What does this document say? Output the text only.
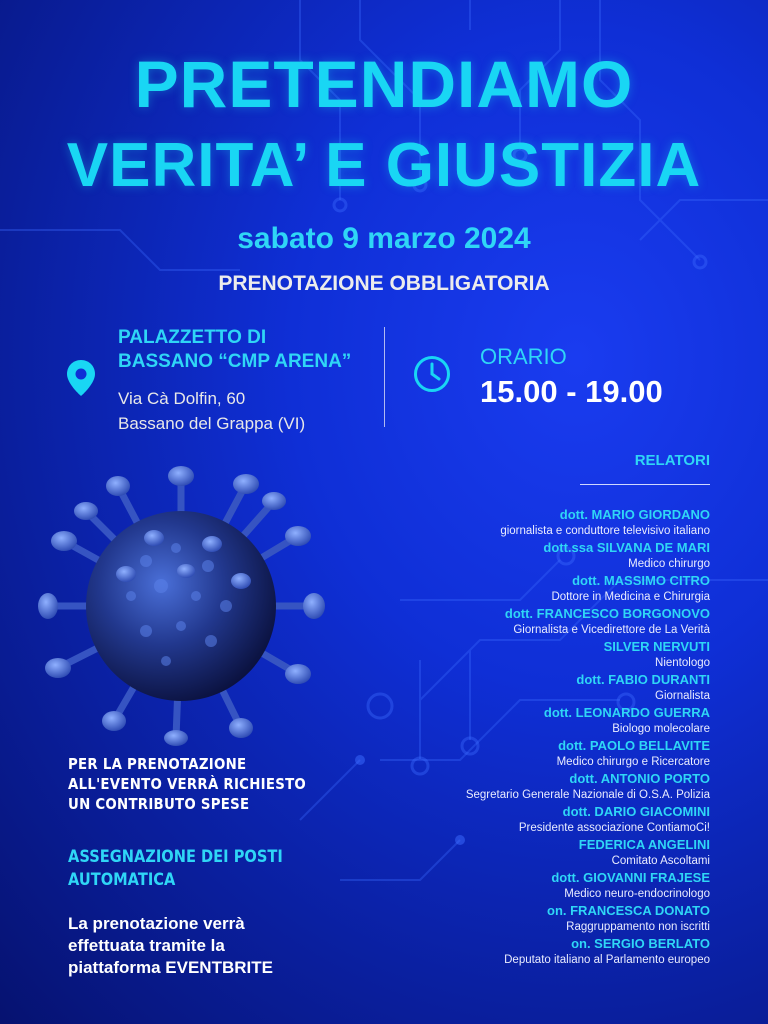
PRETENDIAMO
VERITA’ E GIUSTIZIA
sabato 9 marzo 2024
PRENOTAZIONE OBBLIGATORIA
PALAZZETTO DI
BASSANO “CMP ARENA”
Via Cà Dolfin, 60
Bassano del Grappa (VI)
ORARIO
15.00 - 19.00
RELATORI
dott. MARIO GIORDANO
giornalista e conduttore televisivo italiano
dott.ssa SILVANA DE MARI
Medico chirurgo
dott. MASSIMO CITRO
Dottore in Medicina e Chirurgia
dott. FRANCESCO BORGONOVO
Giornalista e Vicedirettore de La Verità
SILVER NERVUTI
Nientologo
dott. FABIO DURANTI
Giornalista
dott. LEONARDO GUERRA
Biologo molecolare
dott. PAOLO BELLAVITE
Medico chirurgo e Ricercatore
dott. ANTONIO PORTO
Segretario Generale Nazionale di O.S.A. Polizia
dott. DARIO GIACOMINI
Presidente associazione ContiamoCi!
FEDERICA ANGELINI
Comitato Ascoltami
dott. GIOVANNI FRAJESE
Medico neuro-endocrinologo
on. FRANCESCA DONATO
Raggruppamento non iscritti
on. SERGIO BERLATO
Deputato italiano al Parlamento europeo
PER LA PRENOTAZIONE
ALL'EVENTO VERRÀ RICHIESTO
UN CONTRIBUTO SPESE
ASSEGNAZIONE DEI POSTI
AUTOMATICA
La prenotazione verrà
effettuata tramite la
piattaforma EVENTBRITE
